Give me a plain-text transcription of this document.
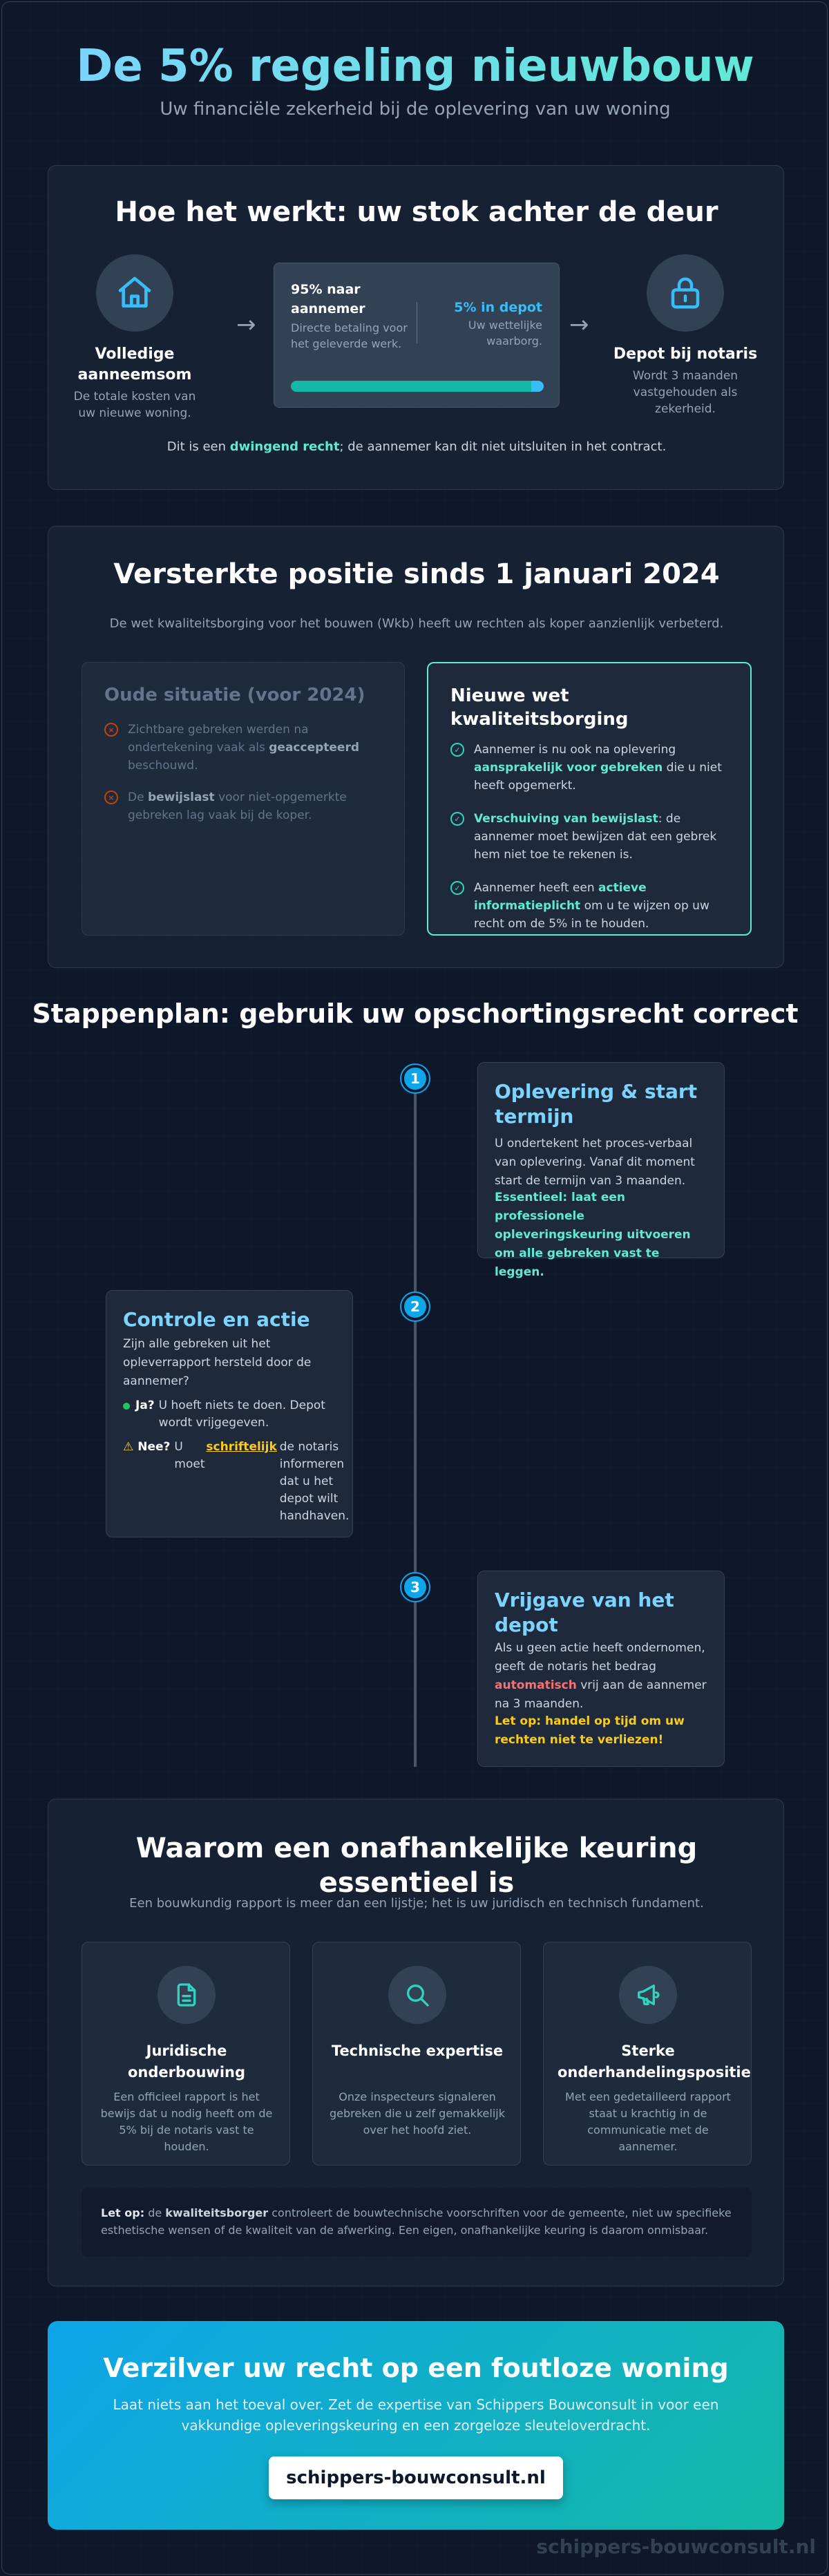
De 5% regeling nieuwbouw
Uw financiële zekerheid bij de oplevering van uw woning
Hoe het werkt: uw stok achter de deur
Volledige aanneemsom
De totale kosten van uw nieuwe woning.
→
95% naar aannemer
Directe betaling voor het geleverde werk.
5% in depot
Uw wettelijke waarborg.
→
Depot bij notaris
Wordt 3 maanden vastgehouden als zekerheid.
Dit is een dwingend recht; de aannemer kan dit niet uitsluiten in het contract.
Versterkte positie sinds 1 januari 2024
De wet kwaliteitsborging voor het bouwen (Wkb) heeft uw rechten als koper aanzienlijk verbeterd.
Oude situatie (voor 2024)
×	Zichtbare gebreken werden na ondertekening vaak als geaccepteerd beschouwd.
×	De bewijslast voor niet-opgemerkte gebreken lag vaak bij de koper.
Nieuwe wet kwaliteitsborging
✓	Aannemer is nu ook na oplevering aansprakelijk voor gebreken die u niet heeft opgemerkt.
✓	Verschuiving van bewijslast: de aannemer moet bewijzen dat een gebrek hem niet toe te rekenen is.
✓	Aannemer heeft een actieve informatieplicht om u te wijzen op uw recht om de 5% in te houden.
Stappenplan: gebruik uw opschortingsrecht correct
1
Oplevering & start termijn
U ondertekent het proces-verbaal van oplevering. Vanaf dit moment start de termijn van 3 maanden.
Essentieel: laat een professionele opleveringskeuring uitvoeren om alle gebreken vast te leggen.
2
Controle en actie
Zijn alle gebreken uit het opleverrapport hersteld door de aannemer?
Ja? U hoeft niets te doen. Depot wordt vrijgegeven.
⚠ Nee? U moet
schriftelijk de notaris informeren dat u het depot wilt handhaven.
3
Vrijgave van het depot
Als u geen actie heeft ondernomen, geeft de notaris het bedrag automatisch vrij aan de aannemer na 3 maanden.
Let op: handel op tijd om uw rechten niet te verliezen!
Waarom een onafhankelijke keuring essentieel is
Een bouwkundig rapport is meer dan een lijstje; het is uw juridisch en technisch fundament.
Juridische onderbouwing
Een officieel rapport is het bewijs dat u nodig heeft om de 5% bij de notaris vast te houden.
Technische expertise
Onze inspecteurs signaleren gebreken die u zelf gemakkelijk over het hoofd ziet.
Sterke onderhandelingspositie
Met een gedetailleerd rapport staat u krachtig in de communicatie met de aannemer.
Let op: de kwaliteitsborger controleert de bouwtechnische voorschriften voor de gemeente, niet uw specifieke esthetische wensen of de kwaliteit van de afwerking. Een eigen, onafhankelijke keuring is daarom onmisbaar.
Verzilver uw recht op een foutloze woning
Laat niets aan het toeval over. Zet de expertise van Schippers Bouwconsult in voor een vakkundige opleveringskeuring en een zorgeloze sleuteloverdracht.
schippers-bouwconsult.nl
schippers-bouwconsult.nl
